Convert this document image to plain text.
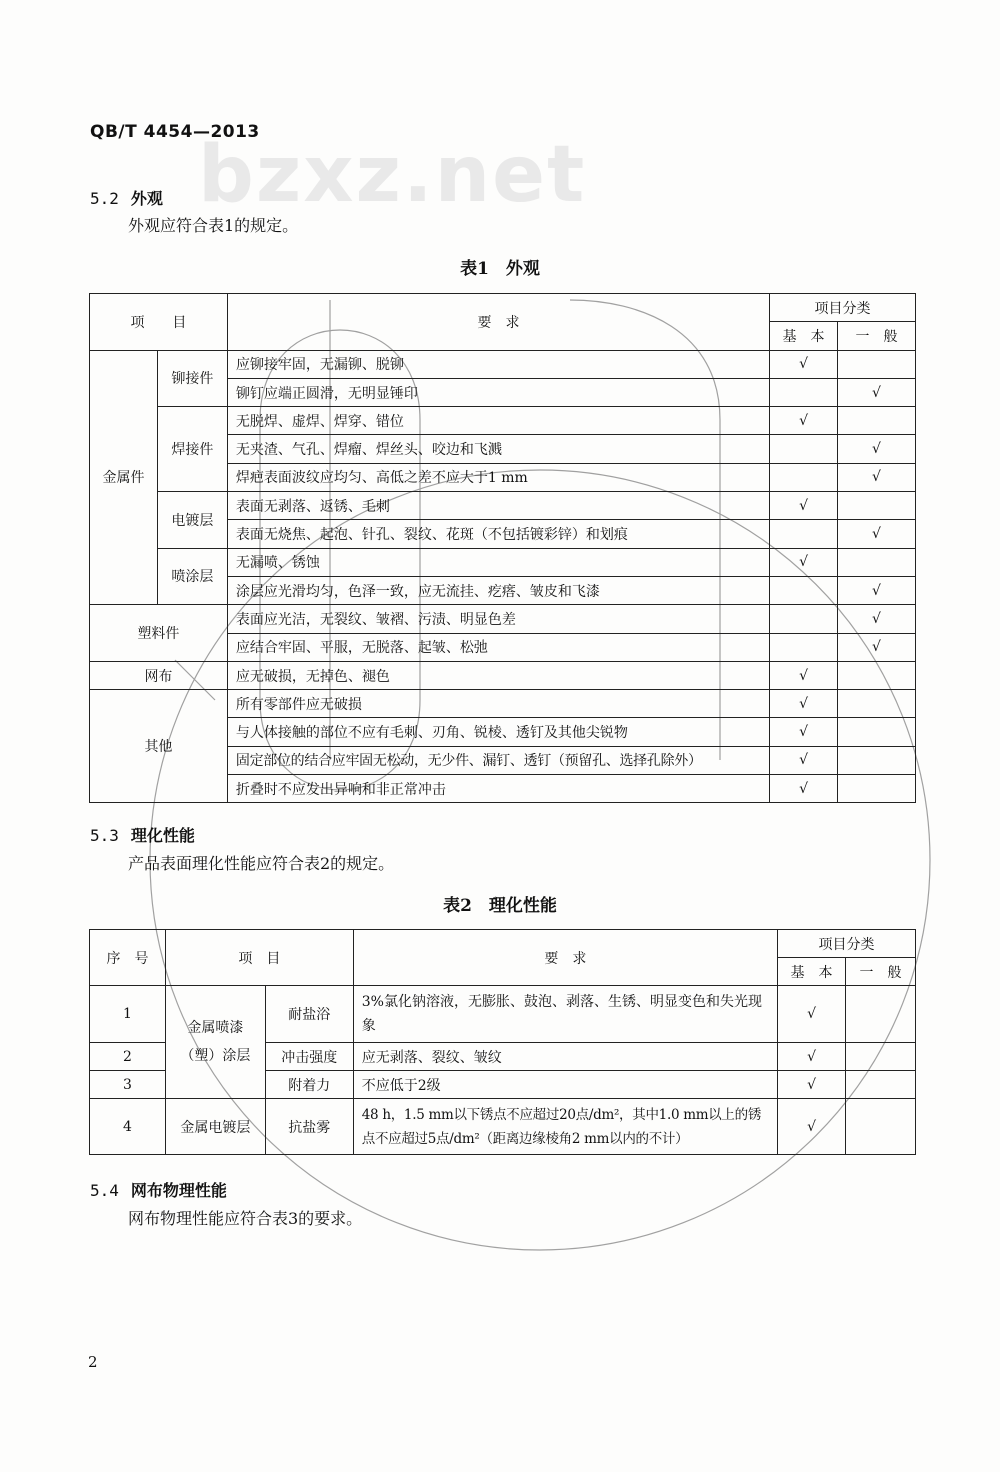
bzxz.net
QB/T 4454—2013
5.2 外观
外观应符合表1的规定。
表1　外观
项　　目		要　求	项目分类	
			基　本	一　般
金属件	铆接件	应铆接牢固，无漏铆、脱铆	√	
		铆钉应端正圆滑，无明显锤印		√
	焊接件	无脱焊、虚焊、焊穿、错位	√	
		无夹渣、气孔、焊瘤、焊丝头、咬边和飞溅		√
		焊疤表面波纹应均匀、高低之差不应大于1 mm		√
	电镀层	表面无剥落、返锈、毛刺	√	
		表面无烧焦、起泡、针孔、裂纹、花斑（不包括镀彩锌）和划痕		√
	喷涂层	无漏喷、锈蚀	√	
		涂层应光滑均匀，色泽一致，应无流挂、疙瘩、皱皮和飞漆		√
塑料件		表面应光洁，无裂纹、皱褶、污渍、明显色差		√
		应结合牢固、平服，无脱落、起皱、松弛		√
网布		应无破损，无掉色、褪色	√	
其他		所有零部件应无破损	√	
		与人体接触的部位不应有毛刺、刃角、锐棱、透钉及其他尖锐物	√	
		固定部位的结合应牢固无松动，无少件、漏钉、透钉（预留孔、选择孔除外）	√	
		折叠时不应发出异响和非正常冲击	√	
5.3 理化性能
产品表面理化性能应符合表2的规定。
表2　理化性能
序　号	项　目		要　求	项目分类	
				基　本	一　般
1	金属喷漆（塑）涂层	耐盐浴	3%氯化钠溶液，无膨胀、鼓泡、剥落、生锈、明显变色和失光现象	√	
2		冲击强度	应无剥落、裂纹、皱纹	√	
3		附着力	不应低于2级	√	
4	金属电镀层	抗盐雾	48 h，1.5 mm以下锈点不应超过20点/dm²，其中1.0 mm以上的锈点不应超过5点/dm²（距离边缘棱角2 mm以内的不计）	√	
5.4 网布物理性能
网布物理性能应符合表3的要求。
2
